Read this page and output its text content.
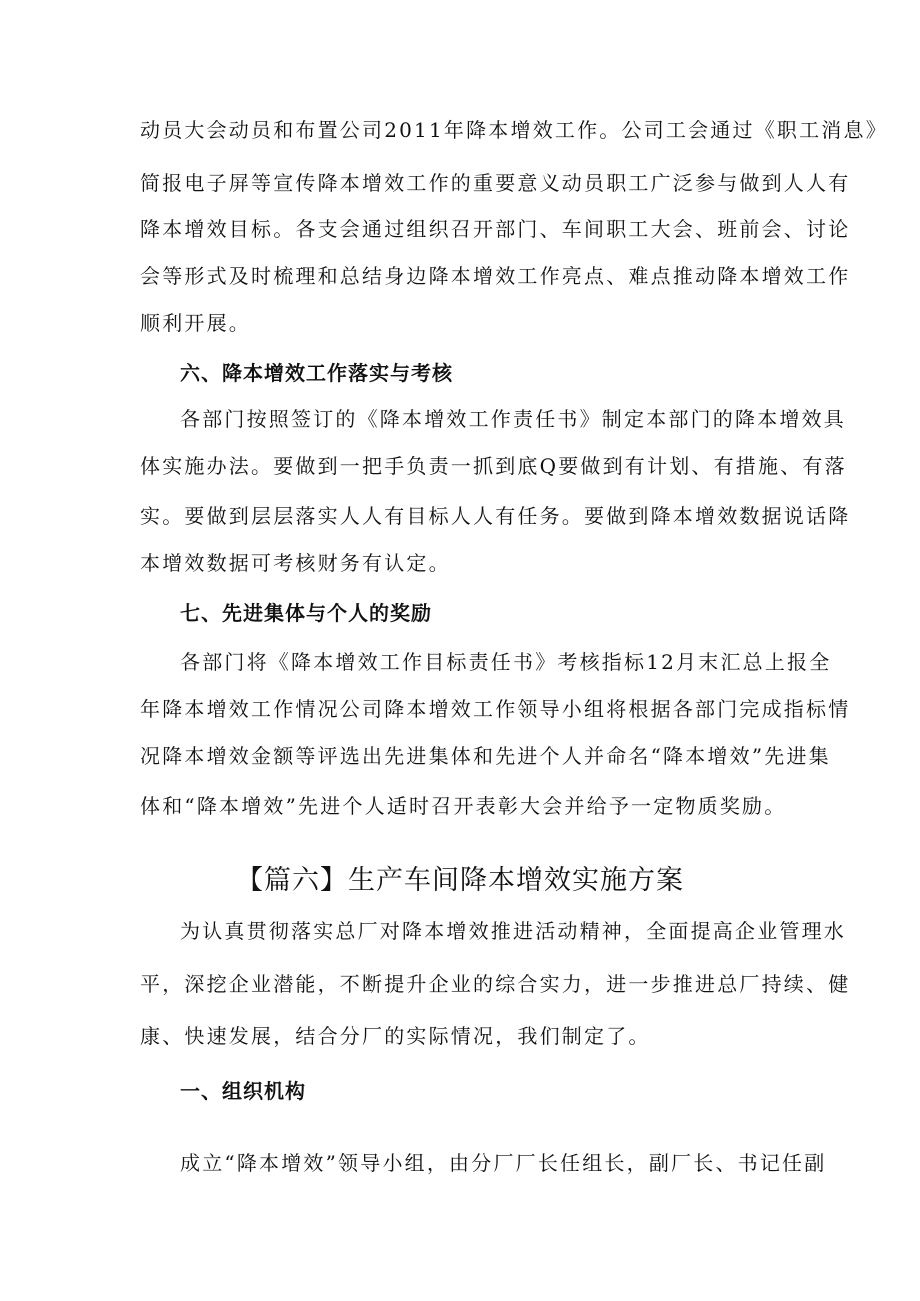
动员大会动员和布置公司2011年降本增效工作。公司工会通过《职工消息》
简报电子屏等宣传降本增效工作的重要意义动员职工广泛参与做到人人有
降本增效目标。各支会通过组织召开部门、车间职工大会、班前会、讨论
会等形式及时梳理和总结身边降本增效工作亮点、难点推动降本增效工作
顺利开展。
六、降本增效工作落实与考核
各部门按照签订的《降本增效工作责任书》制定本部门的降本增效具
体实施办法。要做到一把手负责一抓到底Q要做到有计划、有措施、有落
实。要做到层层落实人人有目标人人有任务。要做到降本增效数据说话降
本增效数据可考核财务有认定。
七、先进集体与个人的奖励
各部门将《降本增效工作目标责任书》考核指标12月末汇总上报全
年降本增效工作情况公司降本增效工作领导小组将根据各部门完成指标情
况降本增效金额等评选出先进集体和先进个人并命名“降本增效”先进集
体和“降本增效”先进个人适时召开表彰大会并给予一定物质奖励。
【篇六】生产车间降本增效实施方案
为认真贯彻落实总厂对降本增效推进活动精神，全面提高企业管理水
平，深挖企业潜能，不断提升企业的综合实力，进一步推进总厂持续、健
康、快速发展，结合分厂的实际情况，我们制定了。
一、组织机构
成立“降本增效”领导小组，由分厂厂长任组长，副厂长、书记任副
